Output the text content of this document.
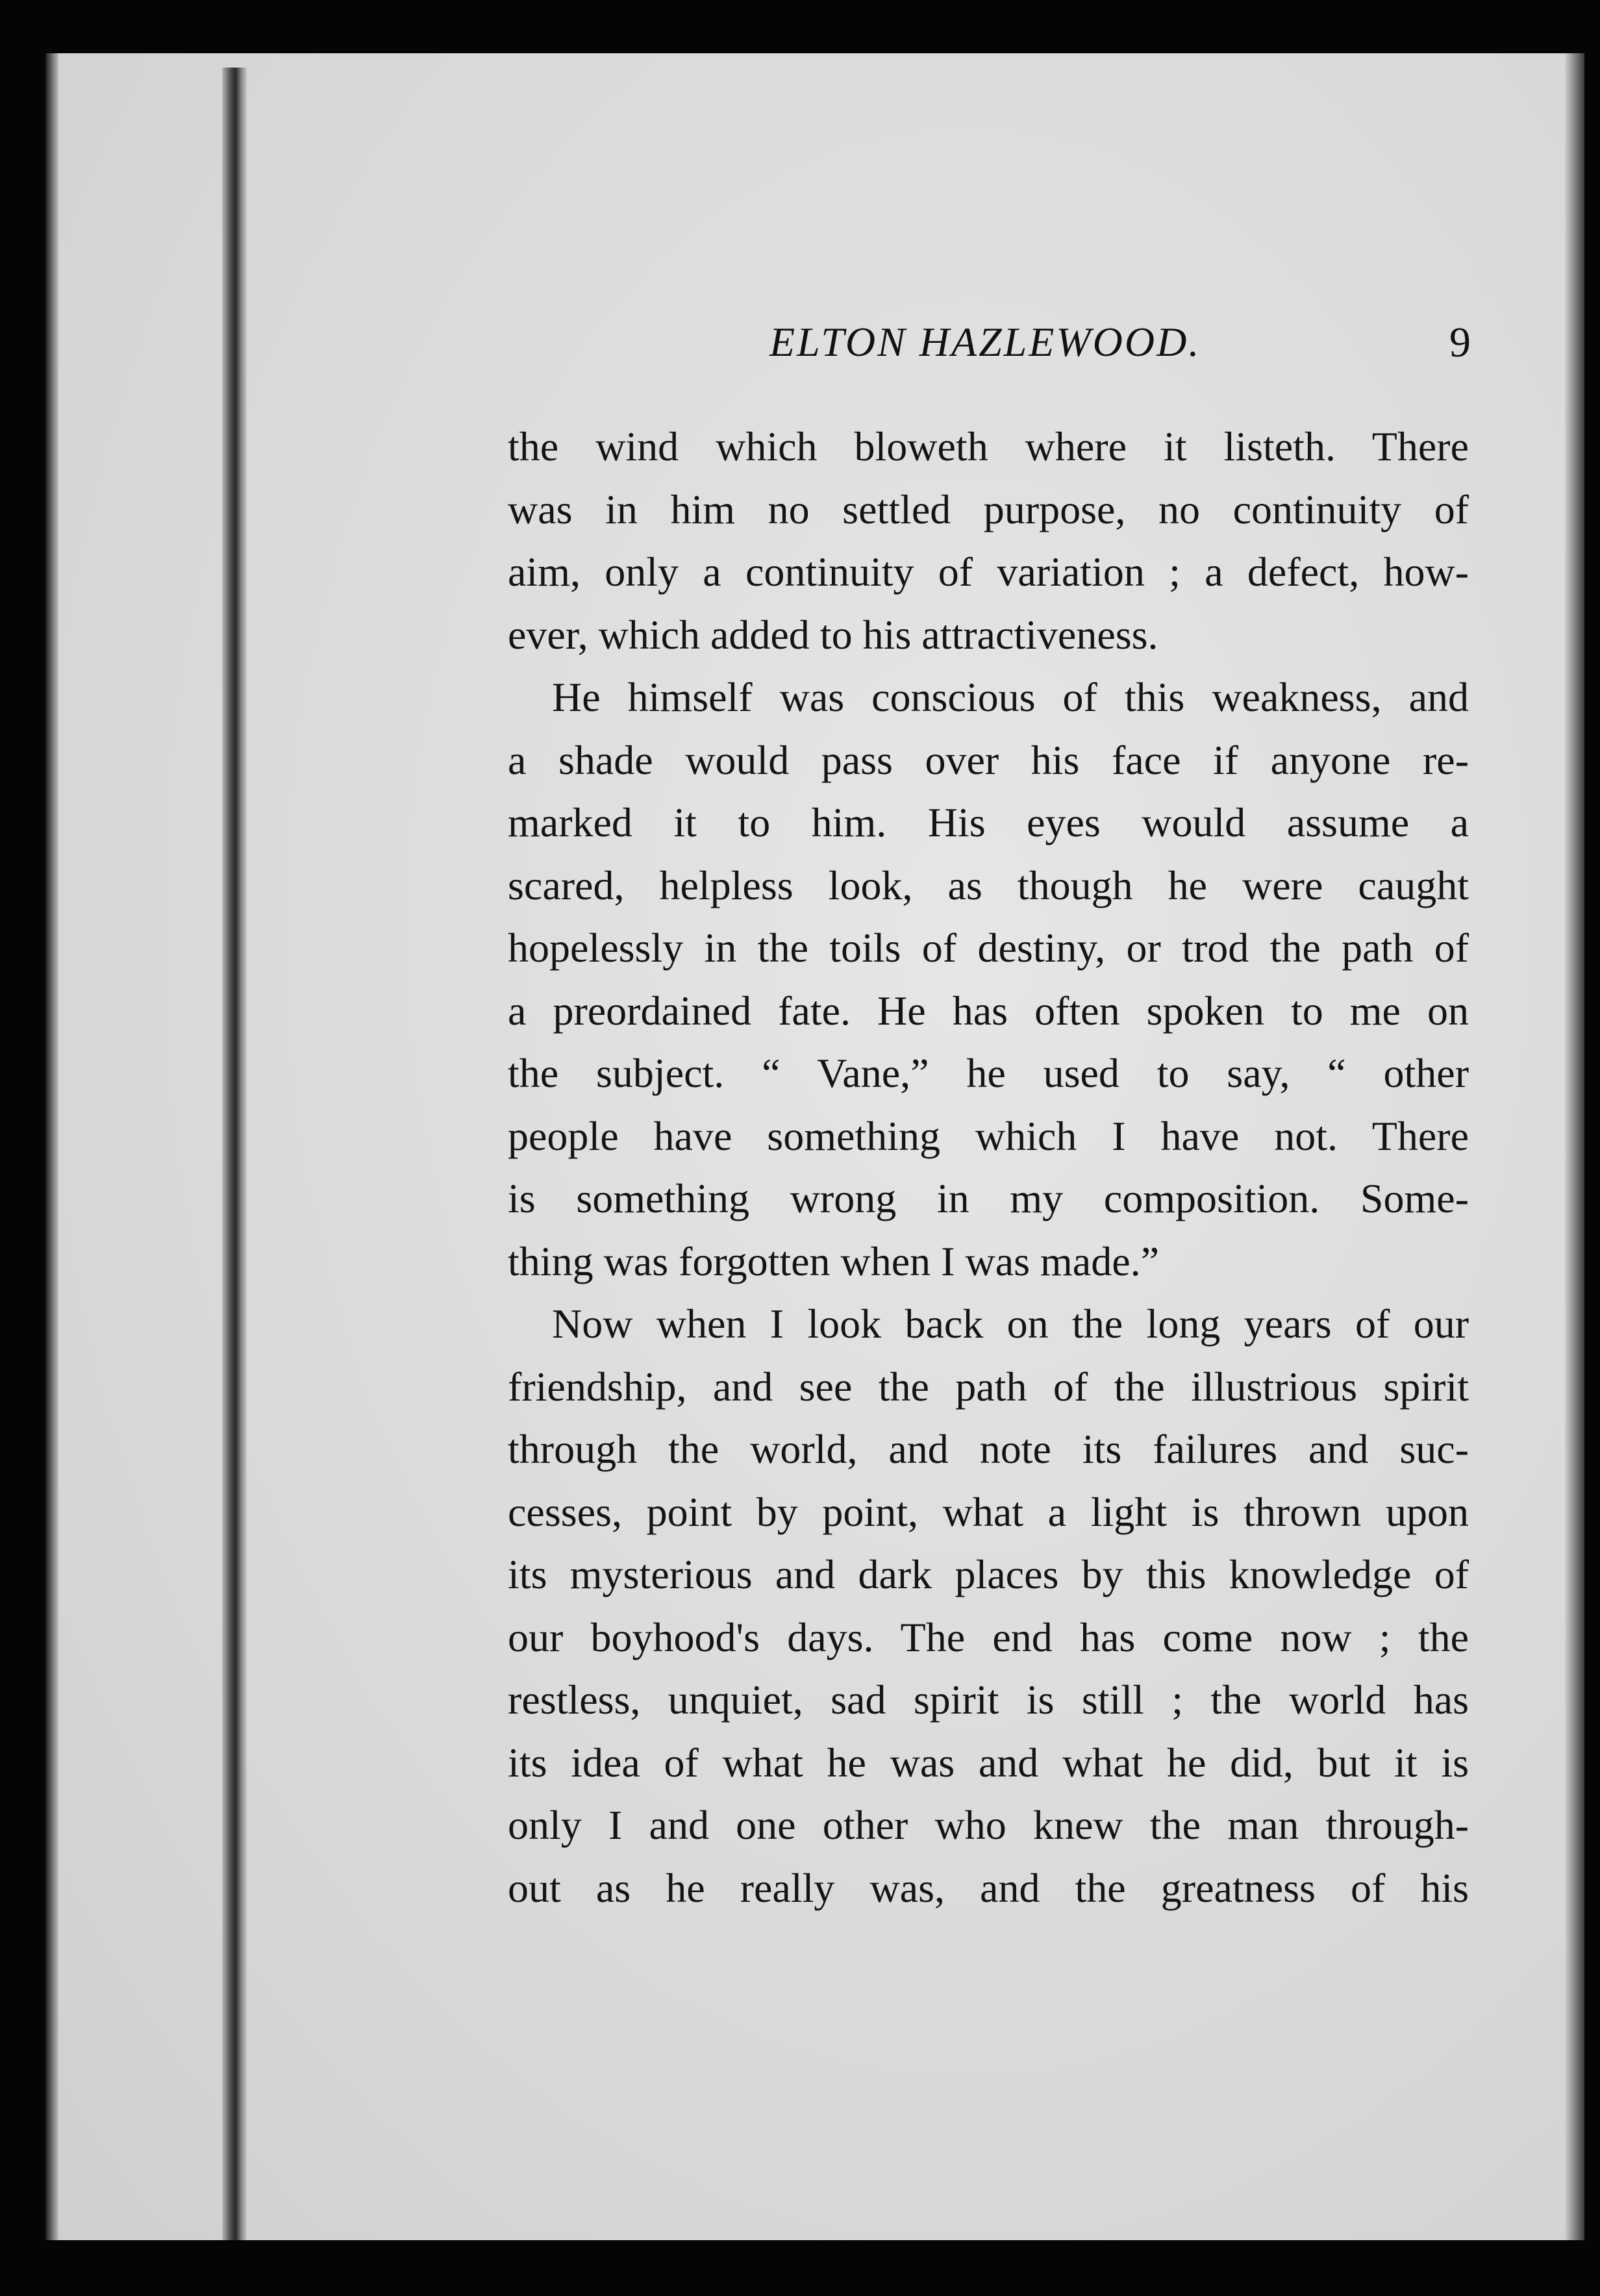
ELTON HAZLEWOOD.	9
the wind which bloweth where it listeth. There
was in him no settled purpose, no continuity of
aim, only a continuity of variation ; a defect, how-
ever, which added to his attractiveness.
He himself was conscious of this weakness, and
a shade would pass over his face if anyone re-
marked it to him. His eyes would assume a
scared, helpless look, as though he were caught
hopelessly in the toils of destiny, or trod the path of
a preordained fate. He has often spoken to me on
the subject. “ Vane,” he used to say, “ other
people have something which I have not. There
is something wrong in my composition. Some-
thing was forgotten when I was made.”
Now when I look back on the long years of our
friendship, and see the path of the illustrious spirit
through the world, and note its failures and suc-
cesses, point by point, what a light is thrown upon
its mysterious and dark places by this knowledge of
our boyhood's days. The end has come now ; the
restless, unquiet, sad spirit is still ; the world has
its idea of what he was and what he did, but it is
only I and one other who knew the man through-
out as he really was, and the greatness of his
